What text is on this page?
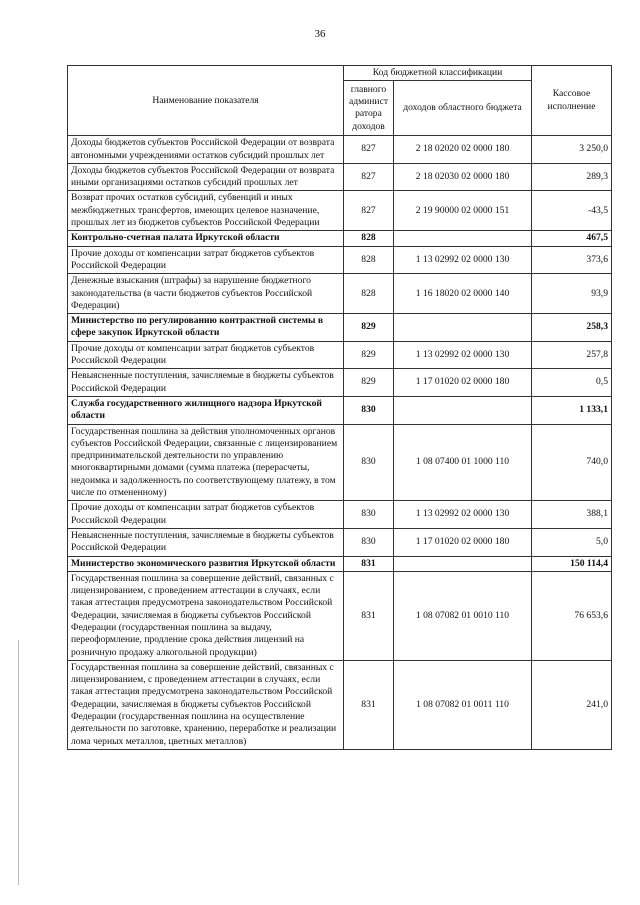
36
Наименование показателя	Код бюджетной классификации		Кассовое исполнение
	главного админист ратора доходов	доходов областного бюджета	
Доходы бюджетов субъектов Российской Федерации от возврата автономными учреждениями остатков субсидий прошлых лет	827	2 18 02020 02 0000 180	3 250,0
Доходы бюджетов субъектов Российской Федерации от возврата иными организациями остатков субсидий прошлых лет	827	2 18 02030 02 0000 180	289,3
Возврат прочих остатков субсидий, субвенций и иных межбюджетных трансфертов, имеющих целевое назначение, прошлых лет из бюджетов субъектов Российской Федерации	827	2 19 90000 02 0000 151	-43,5
Контрольно-счетная палата Иркутской области	828		467,5
Прочие доходы от компенсации затрат бюджетов субъектов Российской Федерации	828	1 13 02992 02 0000 130	373,6
Денежные взыскания (штрафы) за нарушение бюджетного законодательства (в части бюджетов субъектов Российской Федерации)	828	1 16 18020 02 0000 140	93,9
Министерство по регулированию контрактной системы в сфере закупок Иркутской области	829		258,3
Прочие доходы от компенсации затрат бюджетов субъектов Российской Федерации	829	1 13 02992 02 0000 130	257,8
Невыясненные поступления, зачисляемые в бюджеты субъектов Российской Федерации	829	1 17 01020 02 0000 180	0,5
Служба государственного жилищного надзора Иркутской области	830		1 133,1
Государственная пошлина за действия уполномоченных органов субъектов Российской Федерации, связанные с лицензированием предпринимательской деятельности по управлению многоквартирными домами (сумма платежа (перерасчеты, недоимка и задолженность по соответствующему платежу, в том числе по отмененному)	830	1 08 07400 01 1000 110	740,0
Прочие доходы от компенсации затрат бюджетов субъектов Российской Федерации	830	1 13 02992 02 0000 130	388,1
Невыясненные поступления, зачисляемые в бюджеты субъектов Российской Федерации	830	1 17 01020 02 0000 180	5,0
Министерство экономического развития Иркутской области	831		150 114,4
Государственная пошлина за совершение действий, связанных с лицензированием, с проведением аттестации в случаях, если такая аттестация предусмотрена законодательством Российской Федерации, зачисляемая в бюджеты субъектов Российской Федерации (государственная пошлина за выдачу, переоформление, продление срока действия лицензий на розничную продажу алкогольной продукции)	831	1 08 07082 01 0010 110	76 653,6
Государственная пошлина за совершение действий, связанных с лицензированием, с проведением аттестации в случаях, если такая аттестация предусмотрена законодательством Российской Федерации, зачисляемая в бюджеты субъектов Российской Федерации (государственная пошлина на осуществление деятельности по заготовке, хранению, переработке и реализации лома черных металлов, цветных металлов)	831	1 08 07082 01 0011 110	241,0
